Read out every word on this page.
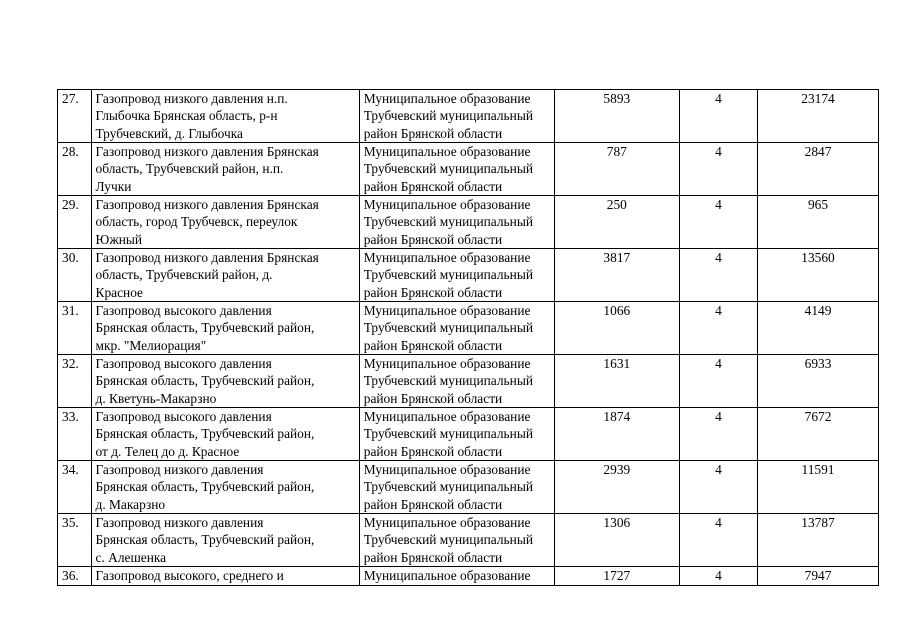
27.	Газопровод низкого давления н.п.
Глыбочка Брянская область, р-н
Трубчевский, д. Глыбочка	Муниципальное образование
Трубчевский муниципальный
район Брянской области	5893	4	23174
28.	Газопровод низкого давления Брянская
область, Трубчевский район, н.п.
Лучки	Муниципальное образование
Трубчевский муниципальный
район Брянской области	787	4	2847
29.	Газопровод низкого давления Брянская
область, город Трубчевск, переулок
Южный	Муниципальное образование
Трубчевский муниципальный
район Брянской области	250	4	965
30.	Газопровод низкого давления Брянская
область, Трубчевский район, д.
Красное	Муниципальное образование
Трубчевский муниципальный
район Брянской области	3817	4	13560
31.	Газопровод высокого давления
Брянская область, Трубчевский район,
мкр. "Мелиорация"	Муниципальное образование
Трубчевский муниципальный
район Брянской области	1066	4	4149
32.	Газопровод высокого давления
Брянская область, Трубчевский район,
д. Кветунь-Макарзно	Муниципальное образование
Трубчевский муниципальный
район Брянской области	1631	4	6933
33.	Газопровод высокого давления
Брянская область, Трубчевский район,
от д. Телец до д. Красное	Муниципальное образование
Трубчевский муниципальный
район Брянской области	1874	4	7672
34.	Газопровод низкого давления
Брянская область, Трубчевский район,
д. Макарзно	Муниципальное образование
Трубчевский муниципальный
район Брянской области	2939	4	11591
35.	Газопровод низкого давления
Брянская область, Трубчевский район,
с. Алешенка	Муниципальное образование
Трубчевский муниципальный
район Брянской области	1306	4	13787
36.	Газопровод высокого, среднего и	Муниципальное образование	1727	4	7947
